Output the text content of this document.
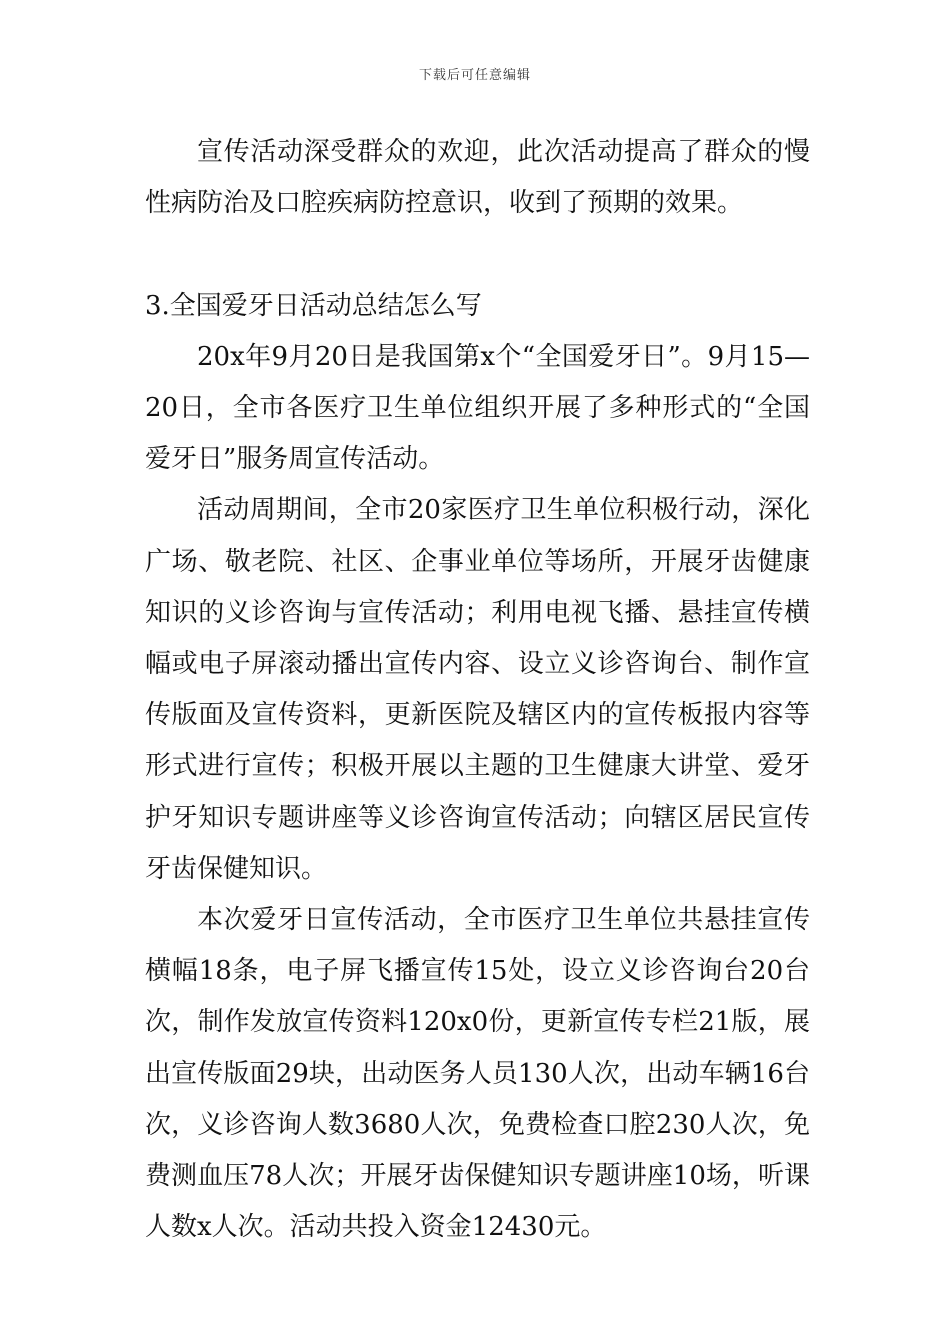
下载后可任意编辑

宣传活动深受群众的欢迎，此次活动提高了群众的慢性病防治及口腔疾病防控意识，收到了预期的效果。

3.全国爱牙日活动总结怎么写

20x年9月20日是我国第x个“全国爱牙日”。9月15—20日，全市各医疗卫生单位组织开展了多种形式的“全国爱牙日”服务周宣传活动。

活动周期间，全市20家医疗卫生单位积极行动，深化广场、敬老院、社区、企事业单位等场所，开展牙齿健康知识的义诊咨询与宣传活动；利用电视飞播、悬挂宣传横幅或电子屏滚动播出宣传内容、设立义诊咨询台、制作宣传版面及宣传资料，更新医院及辖区内的宣传板报内容等形式进行宣传；积极开展以主题的卫生健康大讲堂、爱牙护牙知识专题讲座等义诊咨询宣传活动；向辖区居民宣传牙齿保健知识。

本次爱牙日宣传活动，全市医疗卫生单位共悬挂宣传横幅18条，电子屏飞播宣传15处，设立义诊咨询台20台次，制作发放宣传资料120x0份，更新宣传专栏21版，展出宣传版面29块，出动医务人员130人次，出动车辆16台次，义诊咨询人数3680人次，免费检查口腔230人次，免费测血压78人次；开展牙齿保健知识专题讲座10场，听课人数x人次。活动共投入资金12430元。
